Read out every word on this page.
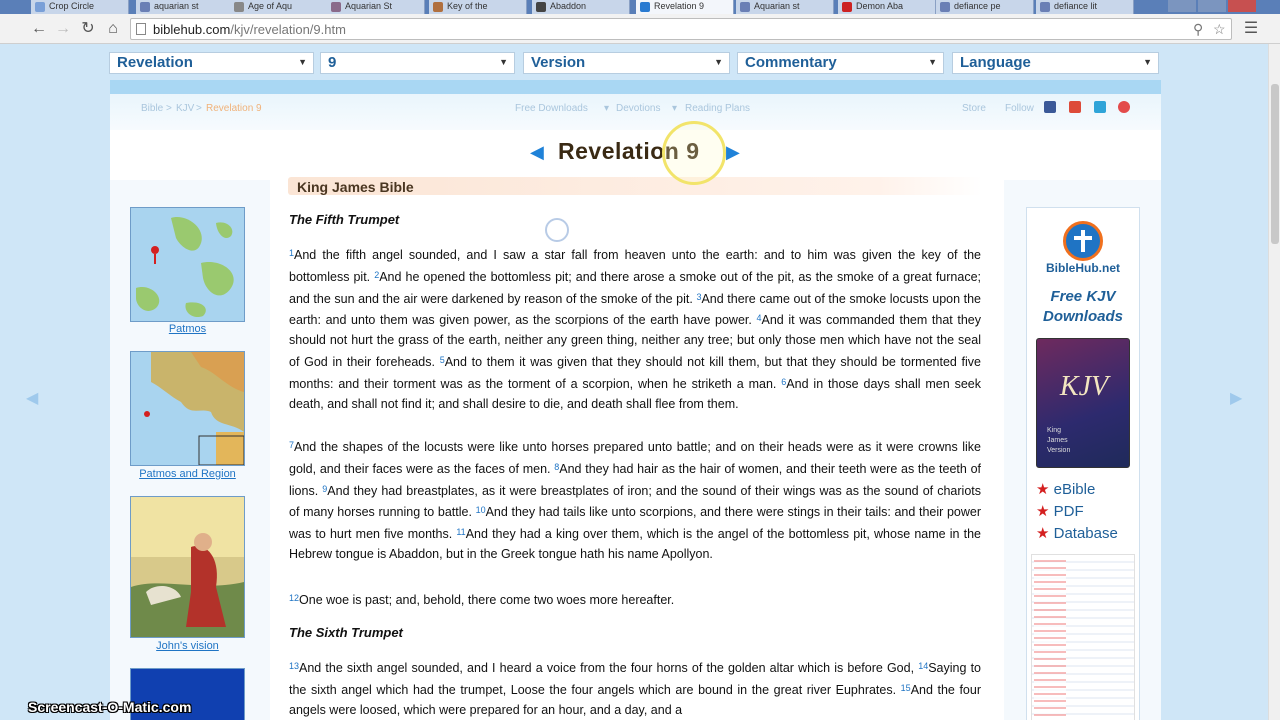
Crop Circle	aquarian st	Age of Aqu	Aquarian St	Key of the	Abaddon	Revelation 9	Aquarian st	Demon Aba	defiance pe	defiance lit
← → ↻ ⌂	biblehub.com/kjv/revelation/9.htm	⚲ ☆ ☰
Revelation	▼	9	▼	Version	▼	Commentary	▼	Language	▼
◀	▶
Bible > KJV > Revelation 9	Free Downloads ▾ Devotions ▾ Reading Plans	Store Follow
Patmos
Patmos and Region
John's vision
BibleHub.net
Free KJV
Downloads
KJV
King
James
Version
★ eBible
★ PDF
★ Database
◀ Revelation 9 ▶
King James Bible
The Fifth Trumpet
$^1$And the fifth angel sounded, and I saw a star fall from heaven unto the earth: and to him was given the key of the bottomless pit. $^2$And he opened the bottomless pit; and there arose a smoke out of the pit, as the smoke of a great furnace; and the sun and the air were darkened by reason of the smoke of the pit. $^3$And there came out of the smoke locusts upon the earth: and unto them was given power, as the scorpions of the earth have power. $^4$And it was commanded them that they should not hurt the grass of the earth, neither any green thing, neither any tree; but only those men which have not the seal of God in their foreheads. $^5$And to them it was given that they should not kill them, but that they should be tormented five months: and their torment was as the torment of a scorpion, when he striketh a man. $^6$And in those days shall men seek death, and shall not find it; and shall desire to die, and death shall flee from them.
$^7$And the shapes of the locusts were like unto horses prepared unto battle; and on their heads were as it were crowns like gold, and their faces were as the faces of men. $^8$And they had hair as the hair of women, and their teeth were as the teeth of lions. $^9$And they had breastplates, as it were breastplates of iron; and the sound of their wings was as the sound of chariots of many horses running to battle. $^{10}$And they had tails like unto scorpions, and there were stings in their tails: and their power was to hurt men five months. $^{11}$And they had a king over them, which is the angel of the bottomless pit, whose name in the Hebrew tongue is Abaddon, but in the Greek tongue hath his name Apollyon.
$^{12}$One woe is past; and, behold, there come two woes more hereafter.
The Sixth Trumpet
$^{13}$And the sixth angel sounded, and I heard a voice from the four horns of the golden altar which is before God, $^{14}$Saying to the sixth angel which had the trumpet, Loose the four angels which are bound in the great river Euphrates. $^{15}$And the four angels were loosed, which were prepared for an hour, and a day, and a
Screencast-O-Matic.com
